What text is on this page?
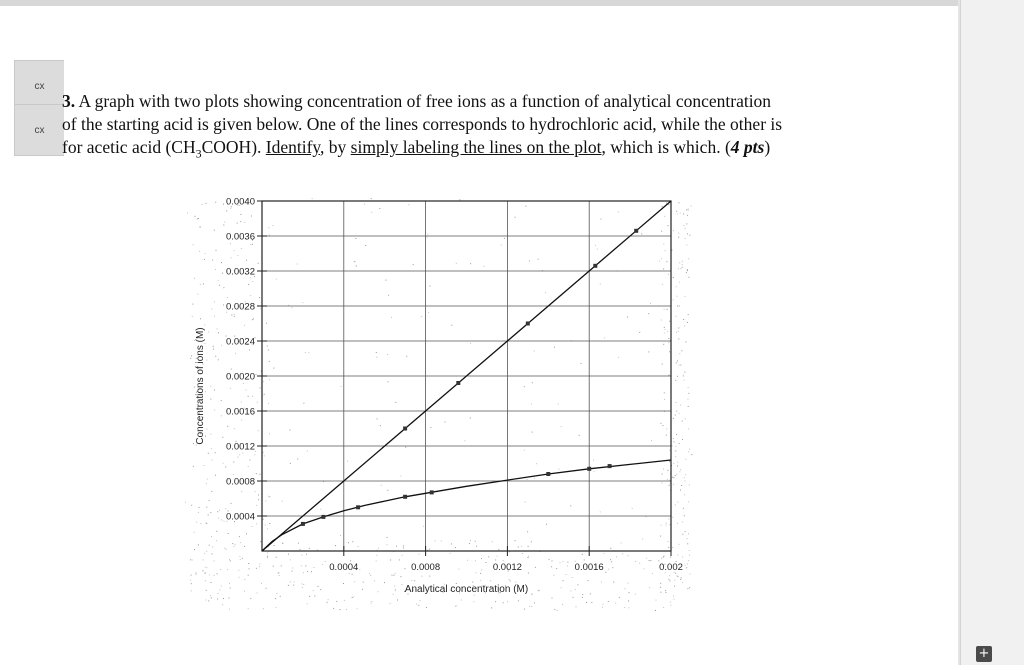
cx
cx
+
3. A graph with two plots showing concentration of free ions as a function of analytical concentration
of the starting acid is given below. One of the lines corresponds to hydrochloric acid, while the other is
for acetic acid $(CH_3COOH)$. Identify, by simply labeling the lines on the plot, which is which. (4 pts)
0.0004
0.0008
0.0012
0.0016
0.0020
0.0024
0.0028
0.0032
0.0036
0.0040
0.0004	0.0008	0.0012	0.0016	0.002
Concentrations of ions (M)
Analytical concentration (M)
